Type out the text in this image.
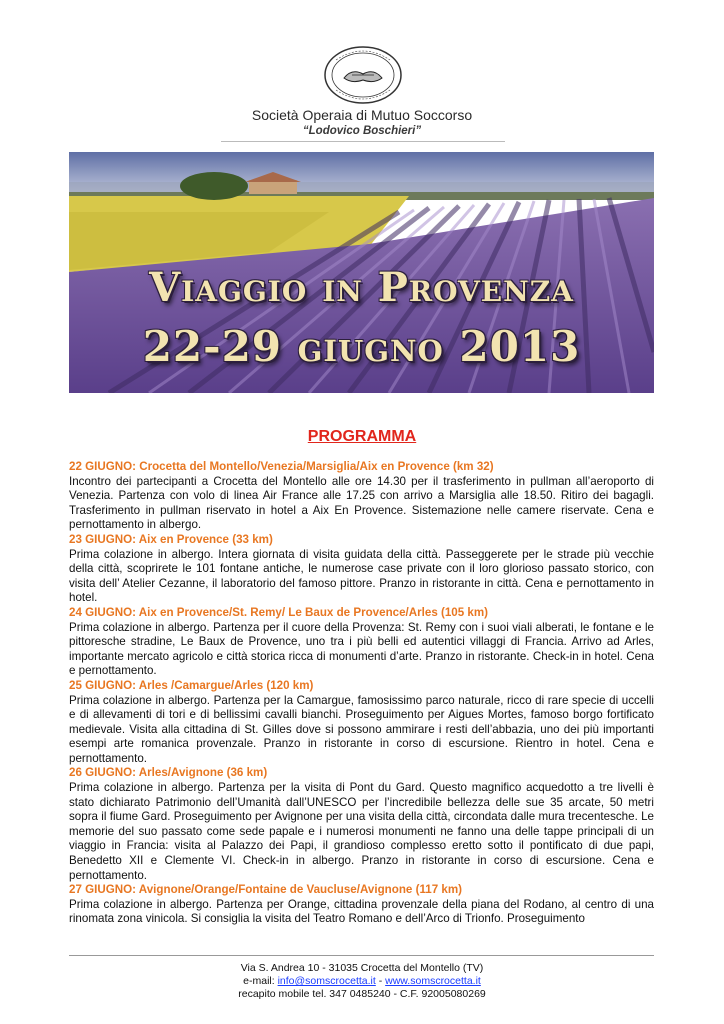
Società Operaia di Mutuo Soccorso
“Lodovico Boschieri”
Viaggio in Provenza
22-29 giugno 2013
PROGRAMMA

22 GIUGNO: Crocetta del Montello/Venezia/Marsiglia/Aix en Provence (km 32)

Incontro dei partecipanti a Crocetta del Montello alle ore 14.30 per il trasferimento in pullman all’aeroporto di Venezia. Partenza con volo di linea Air France alle 17.25 con arrivo a Marsiglia alle 18.50. Ritiro dei bagagli. Trasferimento in pullman riservato in hotel a Aix En Provence. Sistemazione nelle camere riservate. Cena e pernottamento in albergo.

23 GIUGNO: Aix en Provence (33 km)

Prima colazione in albergo. Intera giornata di visita guidata della città. Passeggerete per le strade più vecchie della città, scoprirete le 101 fontane antiche, le numerose case private con il loro glorioso passato storico, con visita dell’ Atelier Cezanne, il laboratorio del famoso pittore. Pranzo in ristorante in città. Cena e pernottamento in hotel.

24 GIUGNO: Aix en Provence/St. Remy/ Le Baux de Provence/Arles (105 km)

Prima colazione in albergo. Partenza per il cuore della Provenza: St. Remy con i suoi viali alberati, le fontane e le pittoresche stradine, Le Baux de Provence, uno tra i più belli ed autentici villaggi di Francia. Arrivo ad Arles, importante mercato agricolo e città storica ricca di monumenti d’arte. Pranzo in ristorante. Check-in in hotel. Cena e pernottamento.

25 GIUGNO: Arles /Camargue/Arles (120 km)

Prima colazione in albergo. Partenza per la Camargue, famosissimo parco naturale, ricco di rare specie di uccelli e di allevamenti di tori e di bellissimi cavalli bianchi. Proseguimento per Aigues Mortes, famoso borgo fortificato medievale. Visita alla cittadina di St. Gilles dove si possono ammirare i resti dell’abbazia, uno dei più importanti esempi arte romanica provenzale. Pranzo in ristorante in corso di escursione. Rientro in hotel. Cena e pernottamento.

26 GIUGNO: Arles/Avignone (36 km)

Prima colazione in albergo. Partenza per la visita di Pont du Gard. Questo magnifico acquedotto a tre livelli è stato dichiarato Patrimonio dell’Umanità dall’UNESCO per l’incredibile bellezza delle sue 35 arcate, 50 metri sopra il fiume Gard. Proseguimento per Avignone per una visita della città, circondata dalle mura trecentesche. Le memorie del suo passato come sede papale e i numerosi monumenti ne fanno una delle tappe principali di un viaggio in Francia: visita al Palazzo dei Papi, il grandioso complesso eretto sotto il pontificato di due papi, Benedetto XII e Clemente VI. Check-in in albergo. Pranzo in ristorante in corso di escursione. Cena e pernottamento.

27 GIUGNO: Avignone/Orange/Fontaine de Vaucluse/Avignone (117 km)

Prima colazione in albergo. Partenza per Orange, cittadina provenzale della piana del Rodano, al centro di una rinomata zona vinicola. Si consiglia la visita del Teatro Romano e dell’Arco di Trionfo. Proseguimento

Via S. Andrea 10 - 31035 Crocetta del Montello (TV)
e-mail: info@somscrocetta.it - www.somscrocetta.it
recapito mobile tel. 347 0485240 - C.F. 92005080269
